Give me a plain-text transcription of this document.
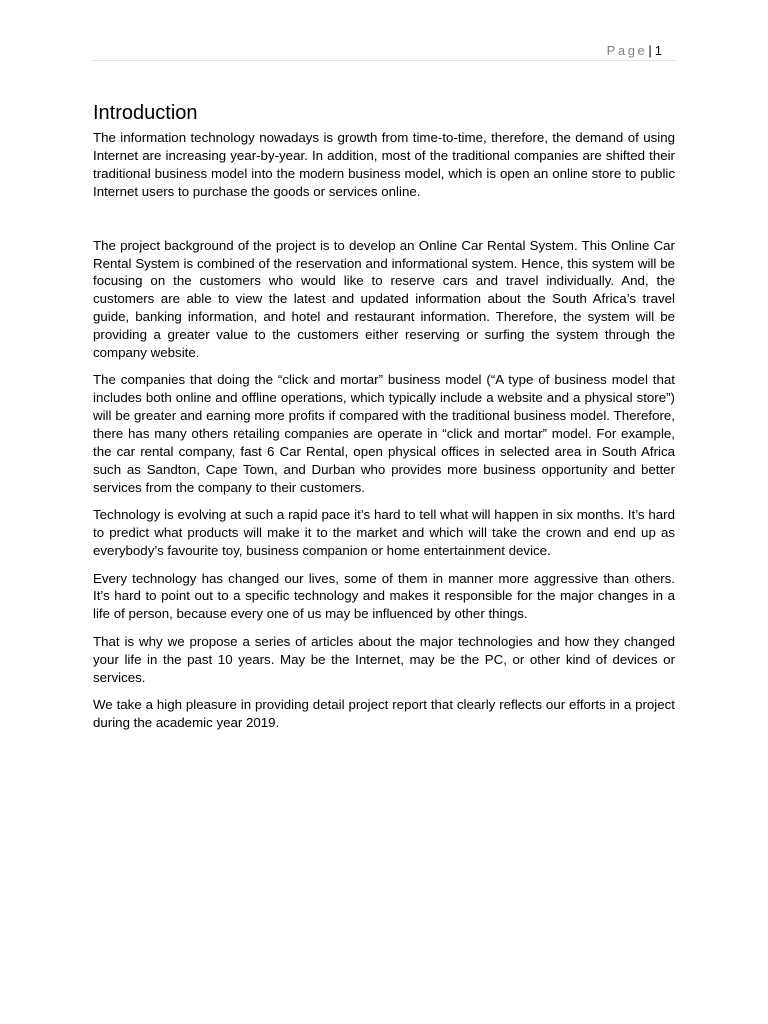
Page| 1
Introduction

The information technology nowadays is growth from time-to-time, therefore, the demand of using Internet are increasing year-by-year. In addition, most of the traditional companies are shifted their traditional business model into the modern business model, which is open an online store to public Internet users to purchase the goods or services online.

The project background of the project is to develop an Online Car Rental System. This Online Car Rental System is combined of the reservation and informational system. Hence, this system will be focusing on the customers who would like to reserve cars and travel individually. And, the customers are able to view the latest and updated information about the South Africa’s travel guide, banking information, and hotel and restaurant information. Therefore, the system will be providing a greater value to the customers either reserving or surfing the system through the company website.

The companies that doing the “click and mortar” business model (“A type of business model that includes both online and offline operations, which typically include a website and a physical store”) will be greater and earning more profits if compared with the traditional business model. Therefore, there has many others retailing companies are operate in “click and mortar” model. For example, the car rental company, fast 6 Car Rental, open physical offices in selected area in South Africa such as Sandton, Cape Town, and Durban who provides more business opportunity and better services from the company to their customers.

Technology is evolving at such a rapid pace it’s hard to tell what will happen in six months. It’s hard to predict what products will make it to the market and which will take the crown and end up as everybody’s favourite toy, business companion or home entertainment device.

Every technology has changed our lives, some of them in manner more aggressive than others. It’s hard to point out to a specific technology and makes it responsible for the major changes in a life of person, because every one of us may be influenced by other things.

That is why we propose a series of articles about the major technologies and how they changed your life in the past 10 years. May be the Internet, may be the PC, or other kind of devices or services.

We take a high pleasure in providing detail project report that clearly reflects our efforts in a project during the academic year 2019.
